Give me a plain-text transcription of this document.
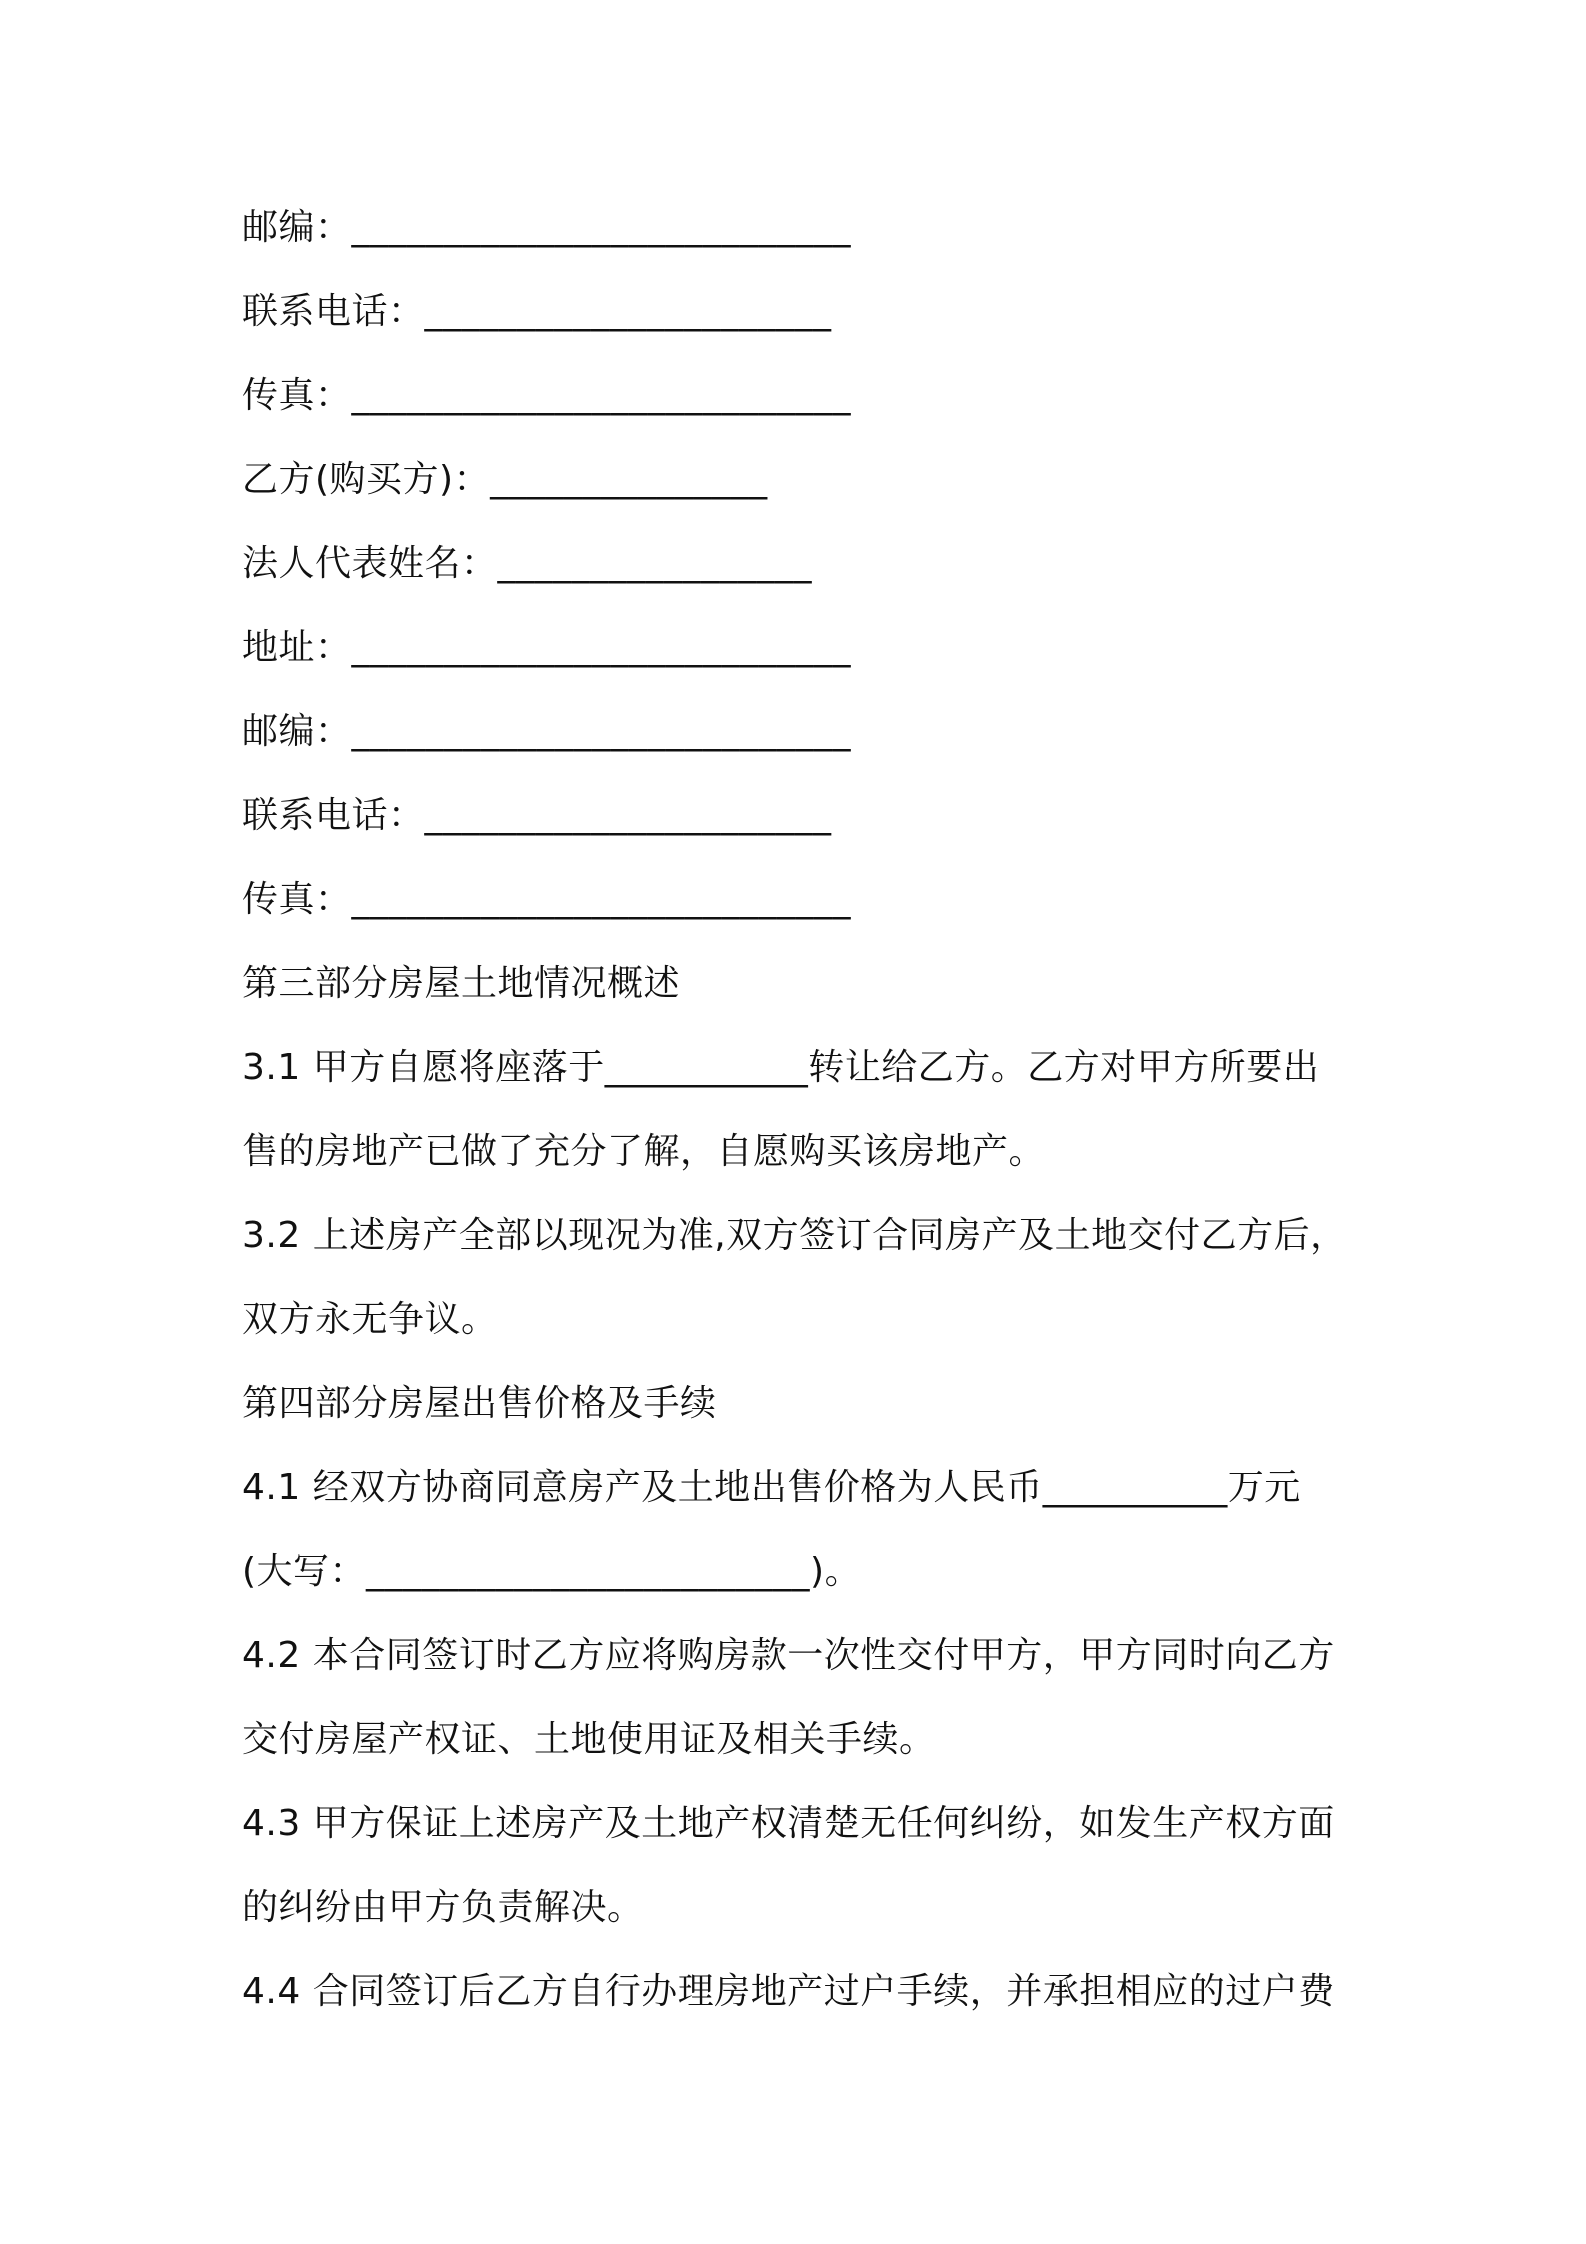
邮编：___________________________
联系电话：______________________
传真：___________________________
乙方(购买方)：_______________
法人代表姓名：_________________
地址：___________________________
邮编：___________________________
联系电话：______________________
传真：___________________________
第三部分房屋土地情况概述
3.1 甲方自愿将座落于___________转让给乙方。乙方对甲方所要出
售的房地产已做了充分了解，自愿购买该房地产。
3.2 上述房产全部以现况为准,双方签订合同房产及土地交付乙方后，
双方永无争议。
第四部分房屋出售价格及手续
4.1 经双方协商同意房产及土地出售价格为人民币__________万元
(大写：________________________)。
4.2 本合同签订时乙方应将购房款一次性交付甲方，甲方同时向乙方
交付房屋产权证、土地使用证及相关手续。
4.3 甲方保证上述房产及土地产权清楚无任何纠纷，如发生产权方面
的纠纷由甲方负责解决。
4.4 合同签订后乙方自行办理房地产过户手续，并承担相应的过户费
